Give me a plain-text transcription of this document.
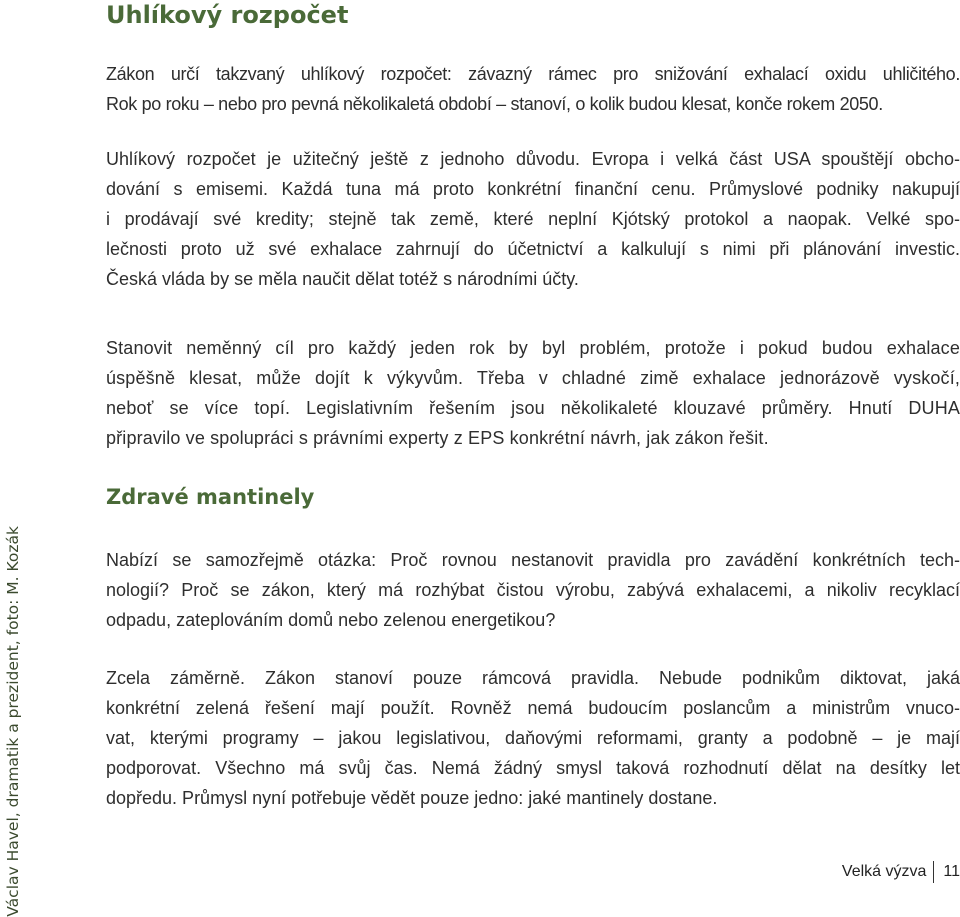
Uhlíkový rozpočet

Zákon určí takzvaný uhlíkový rozpočet: závazný rámec pro snižování exhalací oxidu uhličitého.
Rok po roku – nebo pro pevná několikaletá období – stanoví, o kolik budou klesat, konče rokem 2050.

Uhlíkový rozpočet je užitečný ještě z jednoho důvodu. Evropa i velká část USA spouštějí obcho-
dování s emisemi. Každá tuna má proto konkrétní finanční cenu. Průmyslové podniky nakupují
i prodávají své kredity; stejně tak země, které neplní Kjótský protokol a naopak. Velké spo-
lečnosti proto už své exhalace zahrnují do účetnictví a kalkulují s nimi při plánování investic.
Česká vláda by se měla naučit dělat totéž s národními účty.

Stanovit neměnný cíl pro každý jeden rok by byl problém, protože i pokud budou exhalace
úspěšně klesat, může dojít k výkyvům. Třeba v chladné zimě exhalace jednorázově vyskočí,
neboť se více topí. Legislativním řešením jsou několikaleté klouzavé průměry. Hnutí DUHA
připravilo ve spolupráci s právními experty z EPS konkrétní návrh, jak zákon řešit.

Zdravé mantinely

Nabízí se samozřejmě otázka: Proč rovnou nestanovit pravidla pro zavádění konkrétních tech-
nologií? Proč se zákon, který má rozhýbat čistou výrobu, zabývá exhalacemi, a nikoliv recyklací
odpadu, zateplováním domů nebo zelenou energetikou?

Zcela záměrně. Zákon stanoví pouze rámcová pravidla. Nebude podnikům diktovat, jaká
konkrétní zelená řešení mají použít. Rovněž nemá budoucím poslancům a ministrům vnuco-
vat, kterými programy – jakou legislativou, daňovými reformami, granty a podobně – je mají
podporovat. Všechno má svůj čas. Nemá žádný smysl taková rozhodnutí dělat na desítky let
dopředu. Průmysl nyní potřebuje vědět pouze jedno: jaké mantinely dostane.

Václav Havel, dramatik a prezident, foto: M. Kozák	Velká výzva 11
